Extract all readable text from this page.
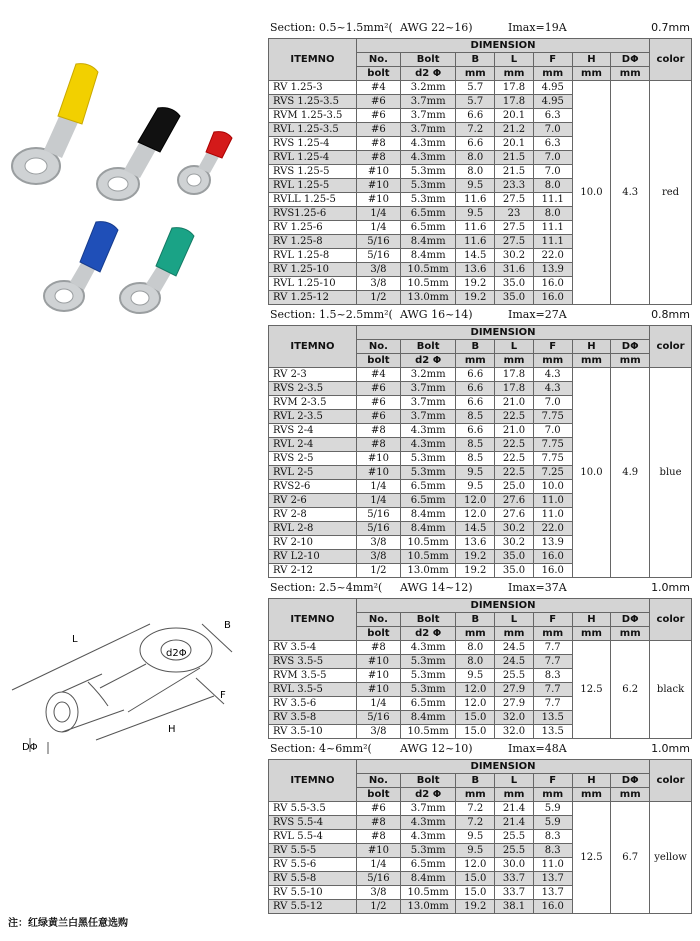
L
B
d2Φ
F
H
DΦ
注：红绿黄兰白黑任意选购
Section: 0.5~1.5mm²( AWG 22~16)	Imax=19A	0.7mm
ITEMNO	DIMENSION							color
	No.	Bolt	B	L	F	H	DΦ	
	bolt	d2 Φ	mm	mm	mm	mm	mm	
RV 1.25-3	#4	3.2mm	5.7	17.8	4.95	10.0	4.3	red
RVS 1.25-3.5	#6	3.7mm	5.7	17.8	4.95			
RVM 1.25-3.5	#6	3.7mm	6.6	20.1	6.3			
RVL 1.25-3.5	#6	3.7mm	7.2	21.2	7.0			
RVS 1.25-4	#8	4.3mm	6.6	20.1	6.3			
RVL 1.25-4	#8	4.3mm	8.0	21.5	7.0			
RVS 1.25-5	#10	5.3mm	8.0	21.5	7.0			
RVL 1.25-5	#10	5.3mm	9.5	23.3	8.0			
RVLL 1.25-5	#10	5.3mm	11.6	27.5	11.1			
RVS1.25-6	1/4	6.5mm	9.5	23	8.0			
RV 1.25-6	1/4	6.5mm	11.6	27.5	11.1			
RV 1.25-8	5/16	8.4mm	11.6	27.5	11.1			
RVL 1.25-8	5/16	8.4mm	14.5	30.2	22.0			
RV 1.25-10	3/8	10.5mm	13.6	31.6	13.9			
RVL 1.25-10	3/8	10.5mm	19.2	35.0	16.0			
RV 1.25-12	1/2	13.0mm	19.2	35.0	16.0			
Section: 1.5~2.5mm²( AWG 16~14)	Imax=27A	0.8mm
ITEMNO	DIMENSION							color
	No.	Bolt	B	L	F	H	DΦ	
	bolt	d2 Φ	mm	mm	mm	mm	mm	
RV 2-3	#4	3.2mm	6.6	17.8	4.3	10.0	4.9	blue
RVS 2-3.5	#6	3.7mm	6.6	17.8	4.3			
RVM 2-3.5	#6	3.7mm	6.6	21.0	7.0			
RVL 2-3.5	#6	3.7mm	8.5	22.5	7.75			
RVS 2-4	#8	4.3mm	6.6	21.0	7.0			
RVL 2-4	#8	4.3mm	8.5	22.5	7.75			
RVS 2-5	#10	5.3mm	8.5	22.5	7.75			
RVL 2-5	#10	5.3mm	9.5	22.5	7.25			
RVS2-6	1/4	6.5mm	9.5	25.0	10.0			
RV 2-6	1/4	6.5mm	12.0	27.6	11.0			
RV 2-8	5/16	8.4mm	12.0	27.6	11.0			
RVL 2-8	5/16	8.4mm	14.5	30.2	22.0			
RV 2-10	3/8	10.5mm	13.6	30.2	13.9			
RV L2-10	3/8	10.5mm	19.2	35.0	16.0			
RV 2-12	1/2	13.0mm	19.2	35.0	16.0			
Section: 2.5~4mm²( AWG 14~12)	Imax=37A	1.0mm
ITEMNO	DIMENSION							color
	No.	Bolt	B	L	F	H	DΦ	
	bolt	d2 Φ	mm	mm	mm	mm	mm	
RV 3.5-4	#8	4.3mm	8.0	24.5	7.7	12.5	6.2	black
RVS 3.5-5	#10	5.3mm	8.0	24.5	7.7			
RVM 3.5-5	#10	5.3mm	9.5	25.5	8.3			
RVL 3.5-5	#10	5.3mm	12.0	27.9	7.7			
RV 3.5-6	1/4	6.5mm	12.0	27.9	7.7			
RV 3.5-8	5/16	8.4mm	15.0	32.0	13.5			
RV 3.5-10	3/8	10.5mm	15.0	32.0	13.5			
Section: 4~6mm²(	AWG 12~10)	Imax=48A	1.0mm
ITEMNO	DIMENSION							color
	No.	Bolt	B	L	F	H	DΦ	
	bolt	d2 Φ	mm	mm	mm	mm	mm	
RV 5.5-3.5	#6	3.7mm	7.2	21.4	5.9	12.5	6.7	yellow
RVS 5.5-4	#8	4.3mm	7.2	21.4	5.9			
RVL 5.5-4	#8	4.3mm	9.5	25.5	8.3			
RV 5.5-5	#10	5.3mm	9.5	25.5	8.3			
RV 5.5-6	1/4	6.5mm	12.0	30.0	11.0			
RV 5.5-8	5/16	8.4mm	15.0	33.7	13.7			
RV 5.5-10	3/8	10.5mm	15.0	33.7	13.7			
RV 5.5-12	1/2	13.0mm	19.2	38.1	16.0			
